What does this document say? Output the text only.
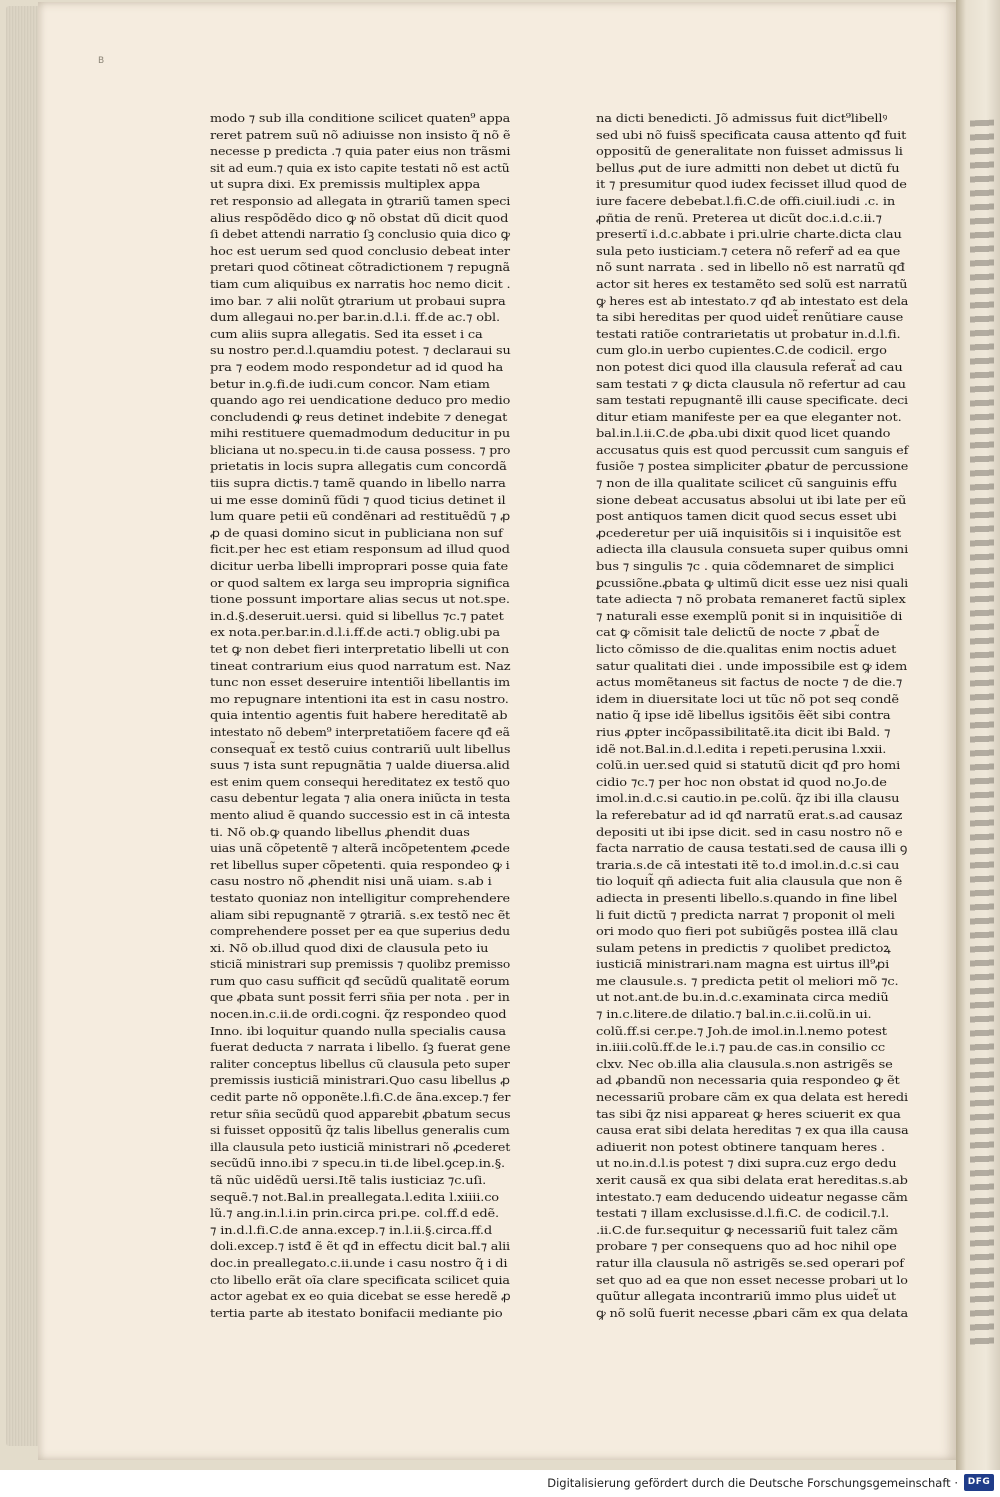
B
modo ⁊ sub illa conditione scilicet quaten⁹ appa
reret patrem suũ nõ adiuisse non insisto q̃ nõ ẽ
necesse p predicta .⁊ quia pater eius non trãsmi
sit ad eum.⁊ quia ex isto capite testati nõ est actũ
ut supra dixi. Ex premissis multiplex appa
ret responsio ad allegata in ꝯtrariũ tamen speci
alius respõdẽdo dico ꝙ nõ obstat dũ dicit quod
ſi debet attendi narratio ſꝫ conclusio quia dico ꝙ
hoc est uerum sed quod conclusio debeat inter
pretari quod cõtineat cõtradictionem ⁊ repugnã
tiam cum aliquibus ex narratis hoc nemo dicit .
imo bar. ⁊ alii nolũt ꝯtrarium ut probaui supra
dum allegaui no.per bar.in.d.l.i. ff.de ac.⁊ obl.
cum aliis supra allegatis. Sed ita esset i ca
su nostro per.d.l.quamdiu potest. ⁊ declaraui su
pra ⁊ eodem modo respondetur ad id quod ha
betur in.ꝯ.fi.de iudi.cum concor. Nam etiam
quando ago rei uendicatione deduco pro medio
concludendi ꝙ reus detinet indebite ⁊ denegat
mihi restituere quemadmodum deducitur in pu
bliciana ut no.specu.in ti.de causa possess. ⁊ pro
prietatis in locis supra allegatis cum concordã
tiis supra dictis.⁊ tamẽ quando in libello narra
ui me esse dominũ fũdi ⁊ quod ticius detinet il
lum quare petii eũ condẽnari ad restituẽdũ ⁊ ꝓ
ꝓ de quasi domino sicut in publiciana non suf
ficit.per hec est etiam responsum ad illud quod
dicitur uerba libelli improprari posse quia fate
or quod saltem ex larga seu impropria significa
tione possunt importare alias secus ut not.spe.
in.d.§.deseruit.uersi. quid si libellus ⁊c.⁊ patet
ex nota.per.bar.in.d.l.i.ff.de acti.⁊ oblig.ubi pa
tet ꝙ non debet fieri interpretatio libelli ut con
tineat contrarium eius quod narratum est. Naz
tunc non esset deseruire intentiõi libellantis im
mo repugnare intentioni ita est in casu nostro.
quia intentio agentis fuit habere hereditatẽ ab
intestato nõ debem⁹ interpretatiõem facere qđ eã
consequat̃ ex testõ cuius contrariũ uult libellus
suus ⁊ ista sunt repugnãtia ⁊ ualde diuersa.alid
est enim quem consequi hereditatez ex testõ quo
casu debentur legata ⁊ alia onera iniũcta in testa
mento aliud ẽ quando successio est in cã intesta
ti. Nõ ob.ꝙ quando libellus ꝓhendit duas
uias unã cõpetentẽ ⁊ alterã incõpetentem ꝓcede
ret libellus super cõpetenti. quia respondeo ꝙ i
casu nostro nõ ꝓhendit nisi unã uiam. s.ab i
testato quoniaz non intelligitur comprehendere
aliam sibi repugnantẽ ⁊ ꝯtrariã. s.ex testõ nec ẽt
comprehendere posset per ea que superius dedu
xi. Nõ ob.illud quod dixi de clausula peto iu
sticiã ministrari sup premissis ⁊ quolibz premisso
rum quo casu sufficit qđ secũdũ qualitatẽ eorum
que ꝓbata sunt possit ferri sñia per nota . per in
nocen.in.c.ii.de ordi.cogni. q̃z respondeo quod
Inno. ibi loquitur quando nulla specialis causa
fuerat deducta ⁊ narrata i libello. ſꝫ fuerat gene
raliter conceptus libellus cũ clausula peto super
premissis iusticiã ministrari.Quo casu libellus ꝓ
cedit parte nõ opponẽte.l.fi.C.de ãna.excep.⁊ fer
retur sñia secũdũ quod apparebit ꝓbatum secus
si fuisset oppositũ q̃z talis libellus generalis cum
illa clausula peto iusticiã ministrari nõ ꝓcederet
secũdũ inno.ibi ⁊ specu.in ti.de libel.ꝯcep.in.§.
tã nũc uidẽdũ uersi.Itẽ talis iusticiaz ⁊c.uſi.
sequẽ.⁊ not.Bal.in preallegata.l.edita l.xiiii.co
lũ.⁊ ang.in.l.i.in prin.circa pri.pe. col.ff.d edẽ.
⁊ in.d.l.fi.C.de anna.excep.⁊ in.l.ii.§.circa.ff.d
doli.excep.⁊ istđ ẽ ẽt qđ in effectu dicit bal.⁊ alii
doc.in preallegato.c.ii.unde i casu nostro q̃ i di
cto libello erãt oĩa clare specificata scilicet quia
actor agebat ex eo quia dicebat se esse heredẽ ꝓ
tertia parte ab itestato bonifacii mediante pio
na dicti benedicti. Jõ admissus fuit dict⁹libellꝰ
sed ubi nõ fuiss̃ specificata causa attento qđ fuit
oppositũ de generalitate non fuisset admissus li
bellus ꝓut de iure admitti non debet ut dictũ fu
it ⁊ presumitur quod iudex fecisset illud quod de
iure facere debebat.l.fi.C.de offi.ciuil.iudi .c. in
ꝓñtia de renũ. Preterea ut dicũt doc.i.d.c.ii.⁊
presertĩ i.d.c.abbate i pri.ulrie charte.dicta clau
sula peto iusticiam.⁊ cetera nõ referr̃ ad ea que
nõ sunt narrata . sed in libello nõ est narratũ qđ
actor sit heres ex testamẽto sed solũ est narratũ
ꝙ heres est ab intestato.⁊ qđ ab intestato est dela
ta sibi hereditas per quod uidet̃ renũtiare cause
testati ratiõe contrarietatis ut probatur in.d.l.fi.
cum glo.in uerbo cupientes.C.de codicil. ergo
non potest dici quod illa clausula referat̃ ad cau
sam testati ⁊ ꝙ dicta clausula nõ refertur ad cau
sam testati repugnantẽ illi cause specificate. deci
ditur etiam manifeste per ea que eleganter not.
bal.in.l.ii.C.de ꝓba.ubi dixit quod licet quando
accusatus quis est quod percussit cum sanguis ef
fusiõe ⁊ postea simpliciter ꝓbatur de percussione
⁊ non de illa qualitate scilicet cũ sanguinis effu
sione debeat accusatus absolui ut ibi late per eũ
post antiquos tamen dicit quod secus esset ubi
ꝓcederetur per uiã inquisitõis si i inquisitõe est
adiecta illa clausula consueta super quibus omni
bus ⁊ singulis ⁊c . quia cõdemnaret de simplici
ꝑcussiõne.ꝓbata ꝙ ultimũ dicit esse uez nisi quali
tate adiecta ⁊ nõ probata remaneret factũ siplex
⁊ naturali esse exemplũ ponit si in inquisitiõe di
cat ꝙ cõmisit tale delictũ de nocte ⁊ ꝓbat̃ de
licto cõmisso de die.qualitas enim noctis aduet
satur qualitati diei . unde impossibile est ꝙ idem
actus momẽtaneus sit factus de nocte ⁊ de die.⁊
idem in diuersitate loci ut tũc nõ pot seq condẽ
natio q̃ ipse idẽ libellus igsitõis ẽẽt sibi contra
rius ꝓpter incõpassibilitatẽ.ita dicit ibi Bald. ⁊
idẽ not.Bal.in.d.l.edita i repeti.perusina l.xxii.
colũ.in uer.sed quid si statutũ dicit qđ pro homi
cidio ⁊c.⁊ per hoc non obstat id quod no.Jo.de
imol.in.d.c.si cautio.in pe.colũ. q̃z ibi illa clausu
la referebatur ad id qđ narratũ erat.s.ad causaz
depositi ut ibi ipse dicit. sed in casu nostro nõ e
facta narratio de causa testati.sed de causa illi ꝯ
traria.s.de cã intestati itẽ to.d imol.in.d.c.si cau
tio loquit̃ qñ adiecta fuit alia clausula que non ẽ
adiecta in presenti libello.s.quando in fine libel
li fuit dictũ ⁊ predicta narrat ⁊ proponit ol meli
ori modo quo fieri pot subiũgẽs postea illã clau
sulam petens in predictis ⁊ quolibet predictoꝝ
iusticiã ministrari.nam magna est uirtus ill⁹ꝓi
me clausule.s. ⁊ predicta petit ol meliori mõ ⁊c.
ut not.ant.de bu.in.d.c.examinata circa mediũ
⁊ in.c.litere.de dilatio.⁊ bal.in.c.ii.colũ.in ui.
colũ.ff.si cer.pe.⁊ Joh.de imol.in.l.nemo potest
in.iiii.colũ.ff.de le.i.⁊ pau.de cas.in consilio cc
clxv. Nec ob.illa alia clausula.s.non astrigẽs se
ad ꝓbandũ non necessaria quia respondeo ꝙ ẽt
necessariũ probare cãm ex qua delata est heredi
tas sibi q̃z nisi appareat ꝙ heres sciuerit ex qua
causa erat sibi delata hereditas ⁊ ex qua illa causa
adiuerit non potest obtinere tanquam heres .
ut no.in.d.l.is potest ⁊ dixi supra.cuz ergo dedu
xerit causã ex qua sibi delata erat hereditas.s.ab
intestato.⁊ eam deducendo uideatur negasse cãm
testati ⁊ illam exclusisse.d.l.fi.C. de codicil.⁊.l.
.ii.C.de fur.sequitur ꝙ necessariũ fuit talez cãm
probare ⁊ per consequens quo ad hoc nihil ope
ratur illa clausula nõ astrigẽs se.sed operari pof
set quo ad ea que non esset necesse probari ut lo
quũtur allegata incontrariũ immo plus uidet̃ ut
ꝙ nõ solũ fuerit necesse ꝓbari cãm ex qua delata
Digitalisierung gefördert durch die Deutsche Forschungsgemeinschaft ·	DFG
